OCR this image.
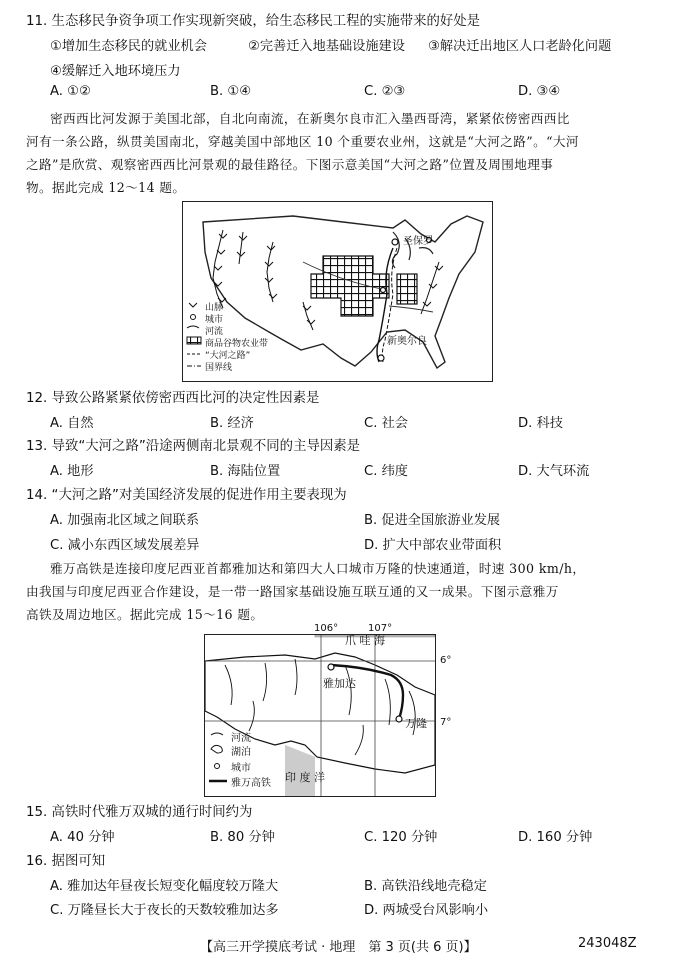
11. 生态移民争资争项工作实现新突破，给生态移民工程的实施带来的好处是
①增加生态移民的就业机会	②完善迁入地基础设施建设 ③解决迁出地区人口老龄化问题
④缓解迁入地环境压力
A. ①②	B. ①④	C. ②③	D. ③④
密西西比河发源于美国北部，自北向南流，在新奥尔良市汇入墨西哥湾，紧紧依傍密西西比
河有一条公路，纵贯美国南北，穿越美国中部地区 10 个重要农业州，这就是“大河之路”。“大河
之路”是欣赏、观察密西西比河景观的最佳路径。下图示意美国“大河之路”位置及周围地理事
物。据此完成 12～14 题。
圣保罗
新奥尔良
山脉
城市
河流
商品谷物农业带
“大河之路”
国界线
12. 导致公路紧紧依傍密西西比河的决定性因素是
A. 自然	B. 经济	C. 社会	D. 科技
13. 导致“大河之路”沿途两侧南北景观不同的主导因素是
A. 地形	B. 海陆位置	C. 纬度	D. 大气环流
14. “大河之路”对美国经济发展的促进作用主要表现为
A. 加强南北区域之间联系	B. 促进全国旅游业发展
C. 减小东西区域发展差异	D. 扩大中部农业带面积
雅万高铁是连接印度尼西亚首都雅加达和第四大人口城市万隆的快速通道，时速 300 km/h，
由我国与印度尼西亚合作建设，是一带一路国家基础设施互联互通的又一成果。下图示意雅万
高铁及周边地区。据此完成 15～16 题。
106°	107°
6°
7°
爪 哇 海
印 度 洋
雅加达
万隆
河流
湖泊
城市
雅万高铁
15. 高铁时代雅万双城的通行时间约为
A. 40 分钟	B. 80 分钟	C. 120 分钟	D. 160 分钟
16. 据图可知
A. 雅加达年昼夜长短变化幅度较万隆大	B. 高铁沿线地壳稳定
C. 万隆昼长大于夜长的天数较雅加达多	D. 两城受台风影响小
【高三开学摸底考试 · 地理　第 3 页(共 6 页)】	243048Z
